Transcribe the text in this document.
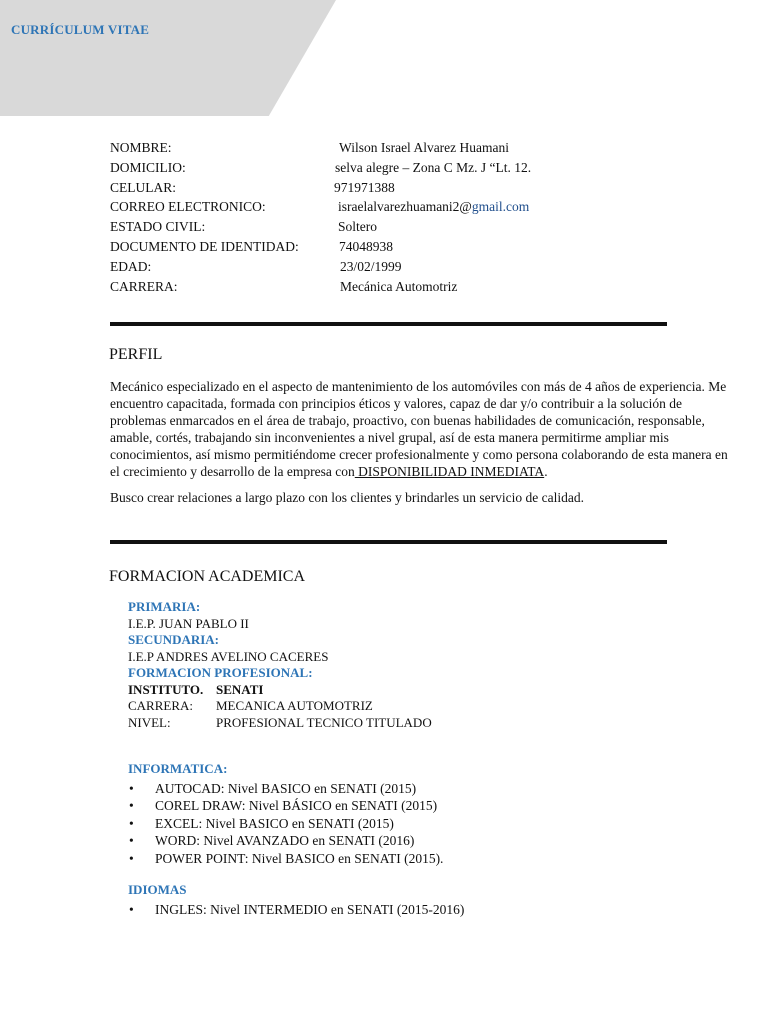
CURRÍCULUM VITAE
NOMBRE:	Wilson Israel Alvarez Huamani
DOMICILIO:	selva alegre – Zona C Mz. J “Lt. 12.
CELULAR:	971971388
CORREO ELECTRONICO:	israelalvarezhuamani2@gmail.com
ESTADO CIVIL:	Soltero
DOCUMENTO DE IDENTIDAD:	74048938
EDAD:	23/02/1999
CARRERA:	Mecánica Automotriz
PERFIL

Mecánico especializado en el aspecto de mantenimiento de los automóviles con más de 4 años de experiencia. Me encuentro capacitada, formada con principios éticos y valores, capaz de dar y/o contribuir a la solución de problemas enmarcados en el área de trabajo, proactivo, con buenas habilidades de comunicación, responsable, amable, cortés, trabajando sin inconvenientes a nivel grupal, así de esta manera permitirme ampliar mis conocimientos, así mismo permitiéndome crecer profesionalmente y como persona colaborando de esta manera en el crecimiento y desarrollo de la empresa con DISPONIBILIDAD INMEDIATA.

Busco crear relaciones a largo plazo con los clientes y brindarles un servicio de calidad.

FORMACION ACADEMICA
PRIMARIA:
I.E.P. JUAN PABLO II
SECUNDARIA:
I.E.P ANDRES AVELINO CACERES
FORMACION PROFESIONAL:
INSTITUTO. SENATI
CARRERA: MECANICA AUTOMOTRIZ
NIVEL:	PROFESIONAL TECNICO TITULADO
INFORMATICA:
• AUTOCAD: Nivel BASICO en SENATI (2015)
• COREL DRAW: Nivel BÁSICO en SENATI (2015)
• EXCEL: Nivel BASICO en SENATI (2015)
• WORD: Nivel AVANZADO en SENATI (2016)
• POWER POINT: Nivel BASICO en SENATI (2015).
IDIOMAS
• INGLES: Nivel INTERMEDIO en SENATI (2015-2016)
